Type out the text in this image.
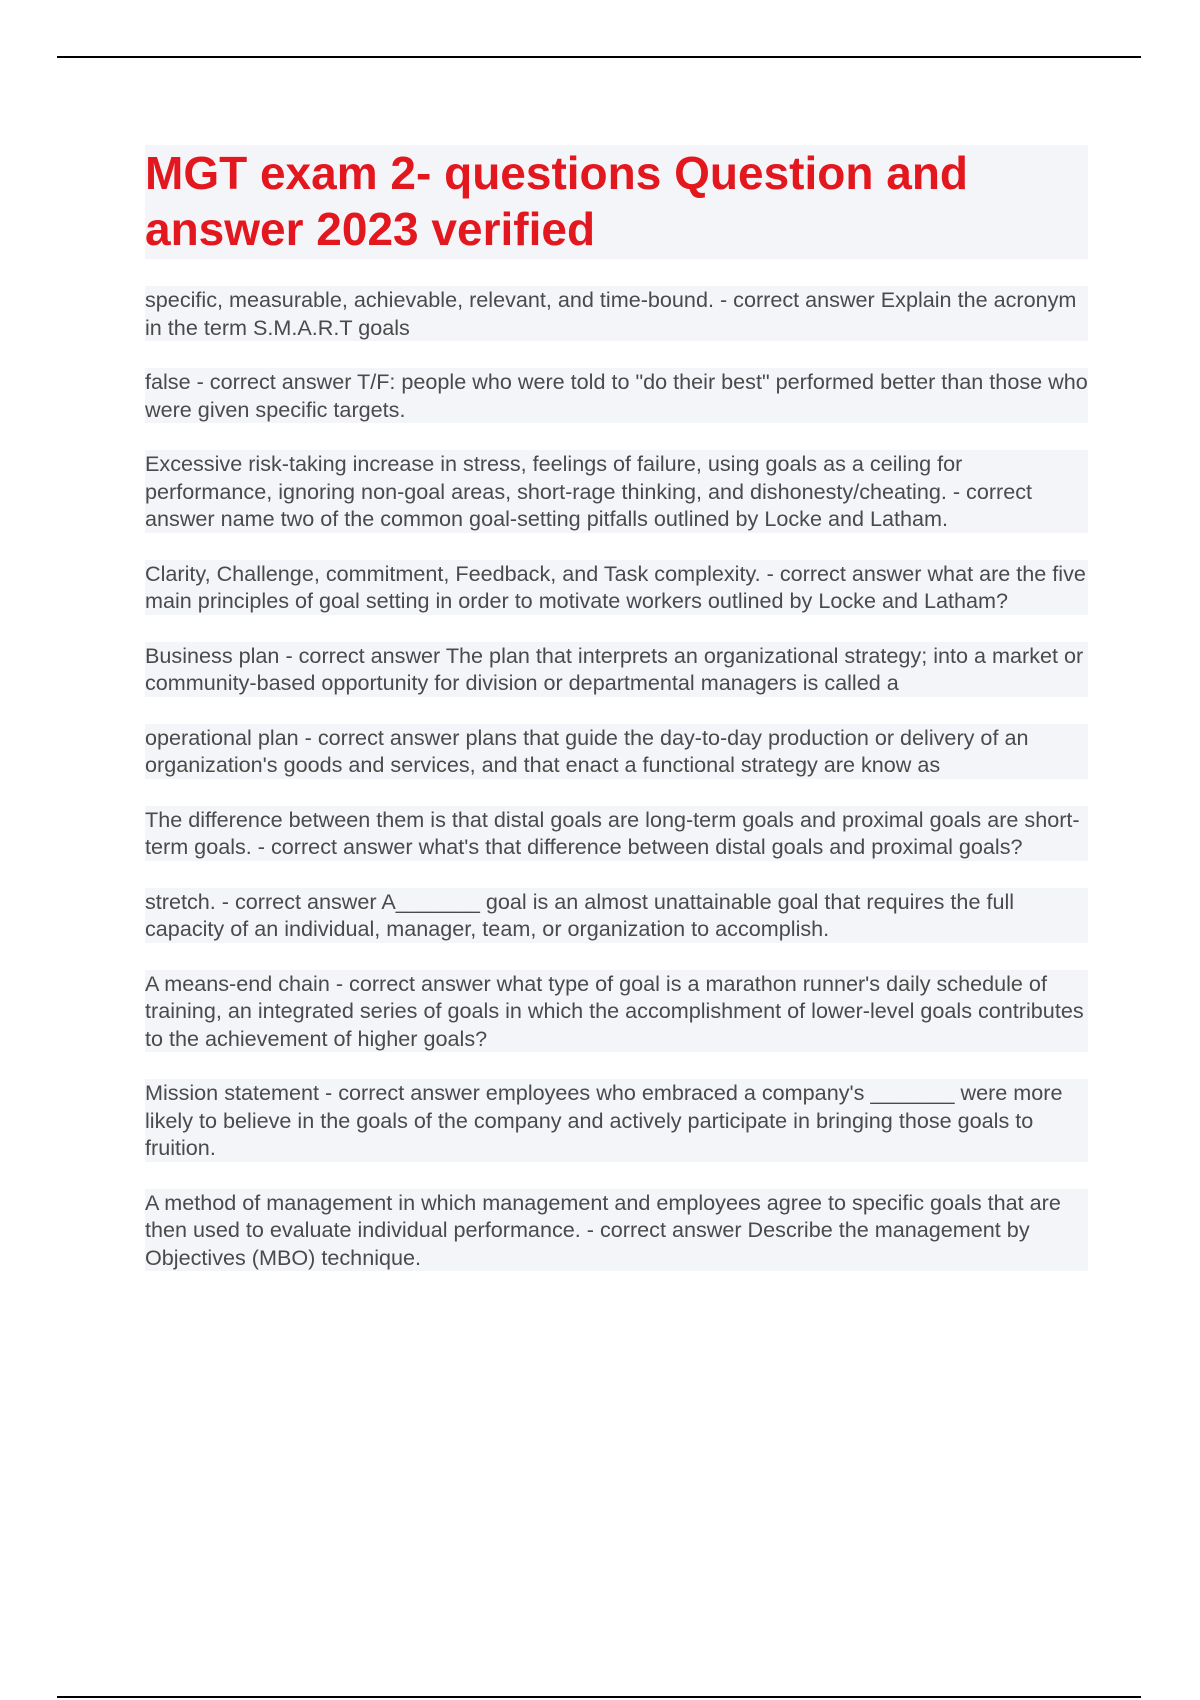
MGT exam 2- questions Question and answer 2023 verified

specific, measurable, achievable, relevant, and time-bound. - correct answer Explain the acronym in the term S.M.A.R.T goals

false - correct answer T/F: people who were told to "do their best" performed better than those who were given specific targets.

Excessive risk-taking increase in stress, feelings of failure, using goals as a ceiling for performance, ignoring non-goal areas, short-rage thinking, and dishonesty/cheating. - correct answer name two of the common goal-setting pitfalls outlined by Locke and Latham.

Clarity, Challenge, commitment, Feedback, and Task complexity. - correct answer what are the five main principles of goal setting in order to motivate workers outlined by Locke and Latham?

Business plan - correct answer The plan that interprets an organizational strategy; into a market or community-based opportunity for division or departmental managers is called a

operational plan - correct answer plans that guide the day-to-day production or delivery of an organization's goods and services, and that enact a functional strategy are know as

The difference between them is that distal goals are long-term goals and proximal goals are short-term goals. - correct answer what's that difference between distal goals and proximal goals?

stretch. - correct answer A_______ goal is an almost unattainable goal that requires the full capacity of an individual, manager, team, or organization to accomplish.

A means-end chain - correct answer what type of goal is a marathon runner's daily schedule of training, an integrated series of goals in which the accomplishment of lower-level goals contributes to the achievement of higher goals?

Mission statement - correct answer employees who embraced a company's _______ were more likely to believe in the goals of the company and actively participate in bringing those goals to fruition.

A method of management in which management and employees agree to specific goals that are then used to evaluate individual performance. - correct answer Describe the management by Objectives (MBO) technique.
